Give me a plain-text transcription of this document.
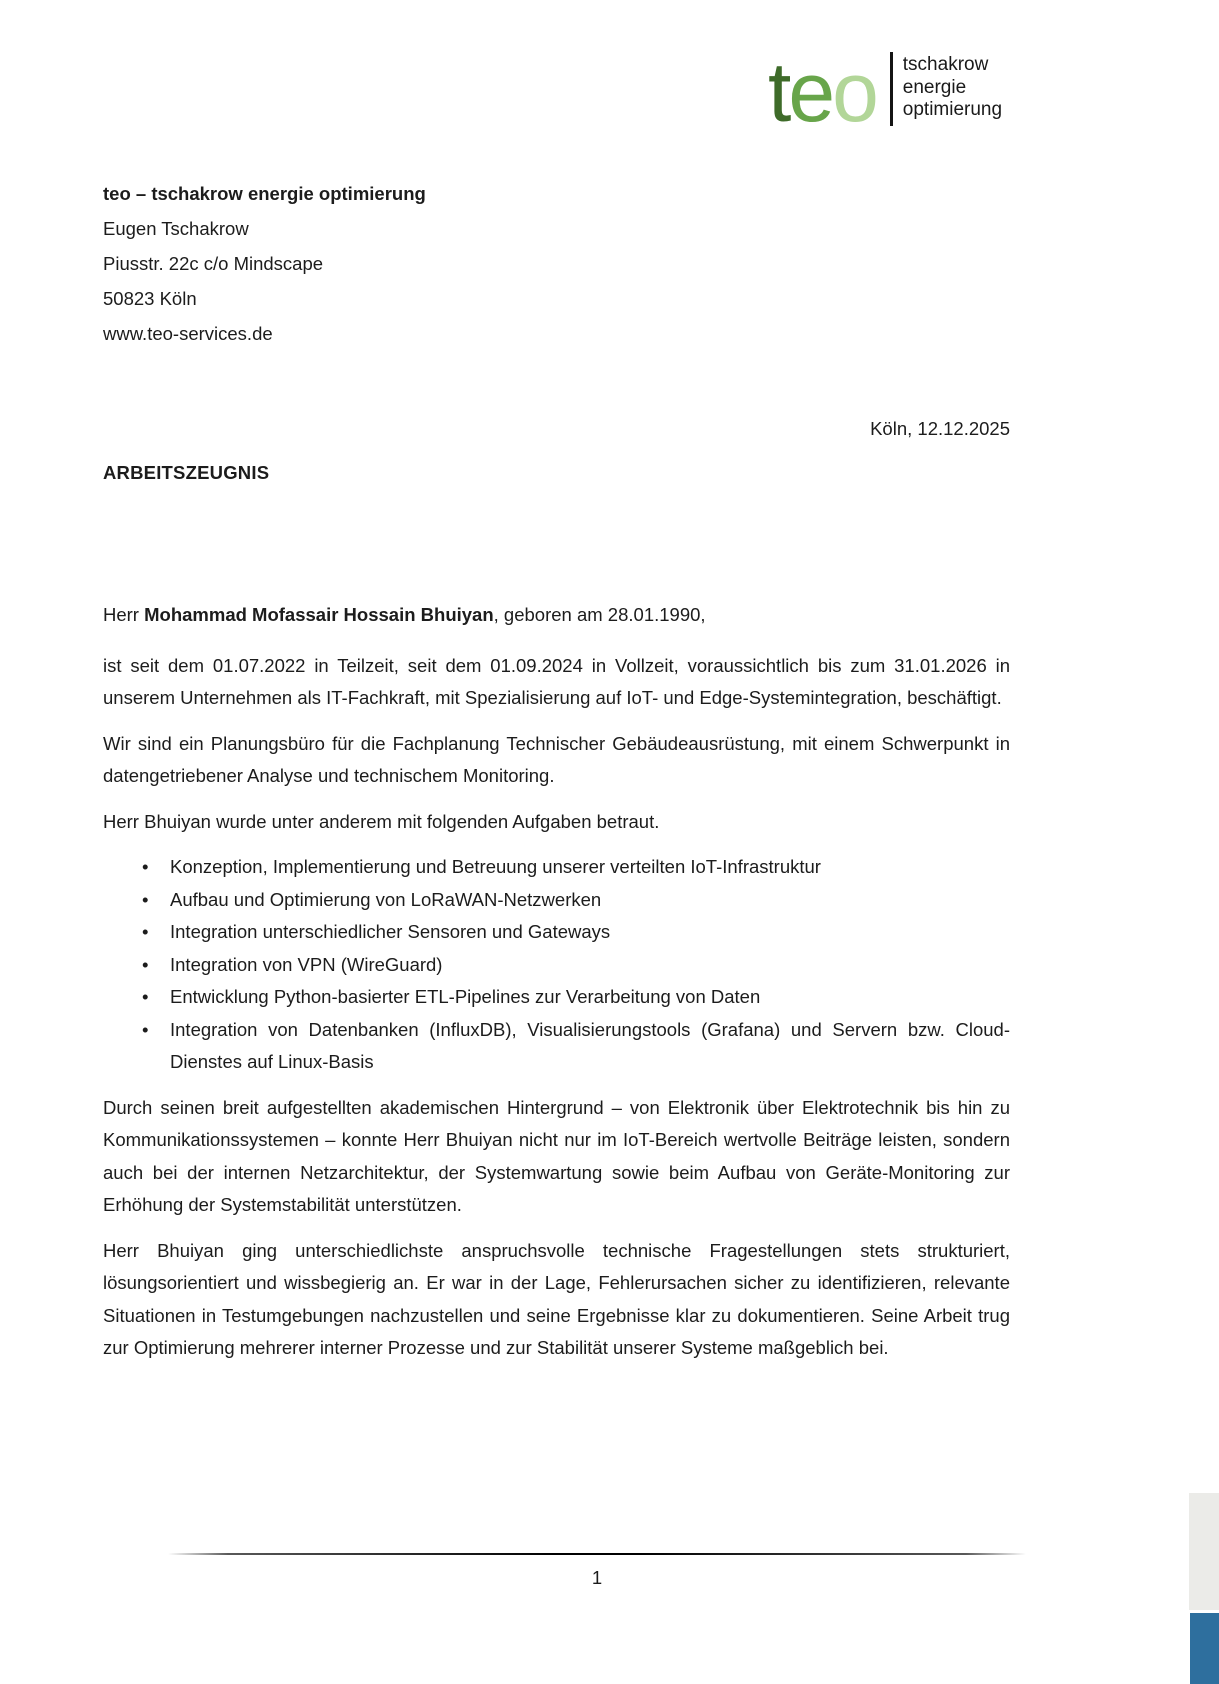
teo tschakrow
energie
optimierung
teo – tschakrow energie optimierung
Eugen Tschakrow
Piusstr. 22c c/o Mindscape
50823 Köln
www.teo-services.de
Köln, 12.12.2025
ARBEITSZEUGNIS

Herr Mohammad Mofassair Hossain Bhuiyan, geboren am 28.01.1990,

ist seit dem 01.07.2022 in Teilzeit, seit dem 01.09.2024 in Vollzeit, voraussichtlich bis zum 31.01.2026 in unserem Unternehmen als IT-Fachkraft, mit Spezialisierung auf IoT- und Edge-Systemintegration, beschäftigt.

Wir sind ein Planungsbüro für die Fachplanung Technischer Gebäudeausrüstung, mit einem Schwerpunkt in datengetriebener Analyse und technischem Monitoring.

Herr Bhuiyan wurde unter anderem mit folgenden Aufgaben betraut.

• Konzeption, Implementierung und Betreuung unserer verteilten IoT-Infrastruktur
• Aufbau und Optimierung von LoRaWAN-Netzwerken
• Integration unterschiedlicher Sensoren und Gateways
• Integration von VPN (WireGuard)
• Entwicklung Python-basierter ETL-Pipelines zur Verarbeitung von Daten
• Integration von Datenbanken (InfluxDB), Visualisierungstools (Grafana) und Servern bzw. Cloud-Dienstes auf Linux-Basis

Durch seinen breit aufgestellten akademischen Hintergrund – von Elektronik über Elektrotechnik bis hin zu Kommunikationssystemen – konnte Herr Bhuiyan nicht nur im IoT-Bereich wertvolle Beiträge leisten, sondern auch bei der internen Netzarchitektur, der Systemwartung sowie beim Aufbau von Geräte-Monitoring zur Erhöhung der Systemstabilität unterstützen.

Herr Bhuiyan ging unterschiedlichste anspruchsvolle technische Fragestellungen stets strukturiert, lösungsorientiert und wissbegierig an. Er war in der Lage, Fehlerursachen sicher zu identifizieren, relevante Situationen in Testumgebungen nachzustellen und seine Ergebnisse klar zu dokumentieren. Seine Arbeit trug zur Optimierung mehrerer interner Prozesse und zur Stabilität unserer Systeme maßgeblich bei.

1
